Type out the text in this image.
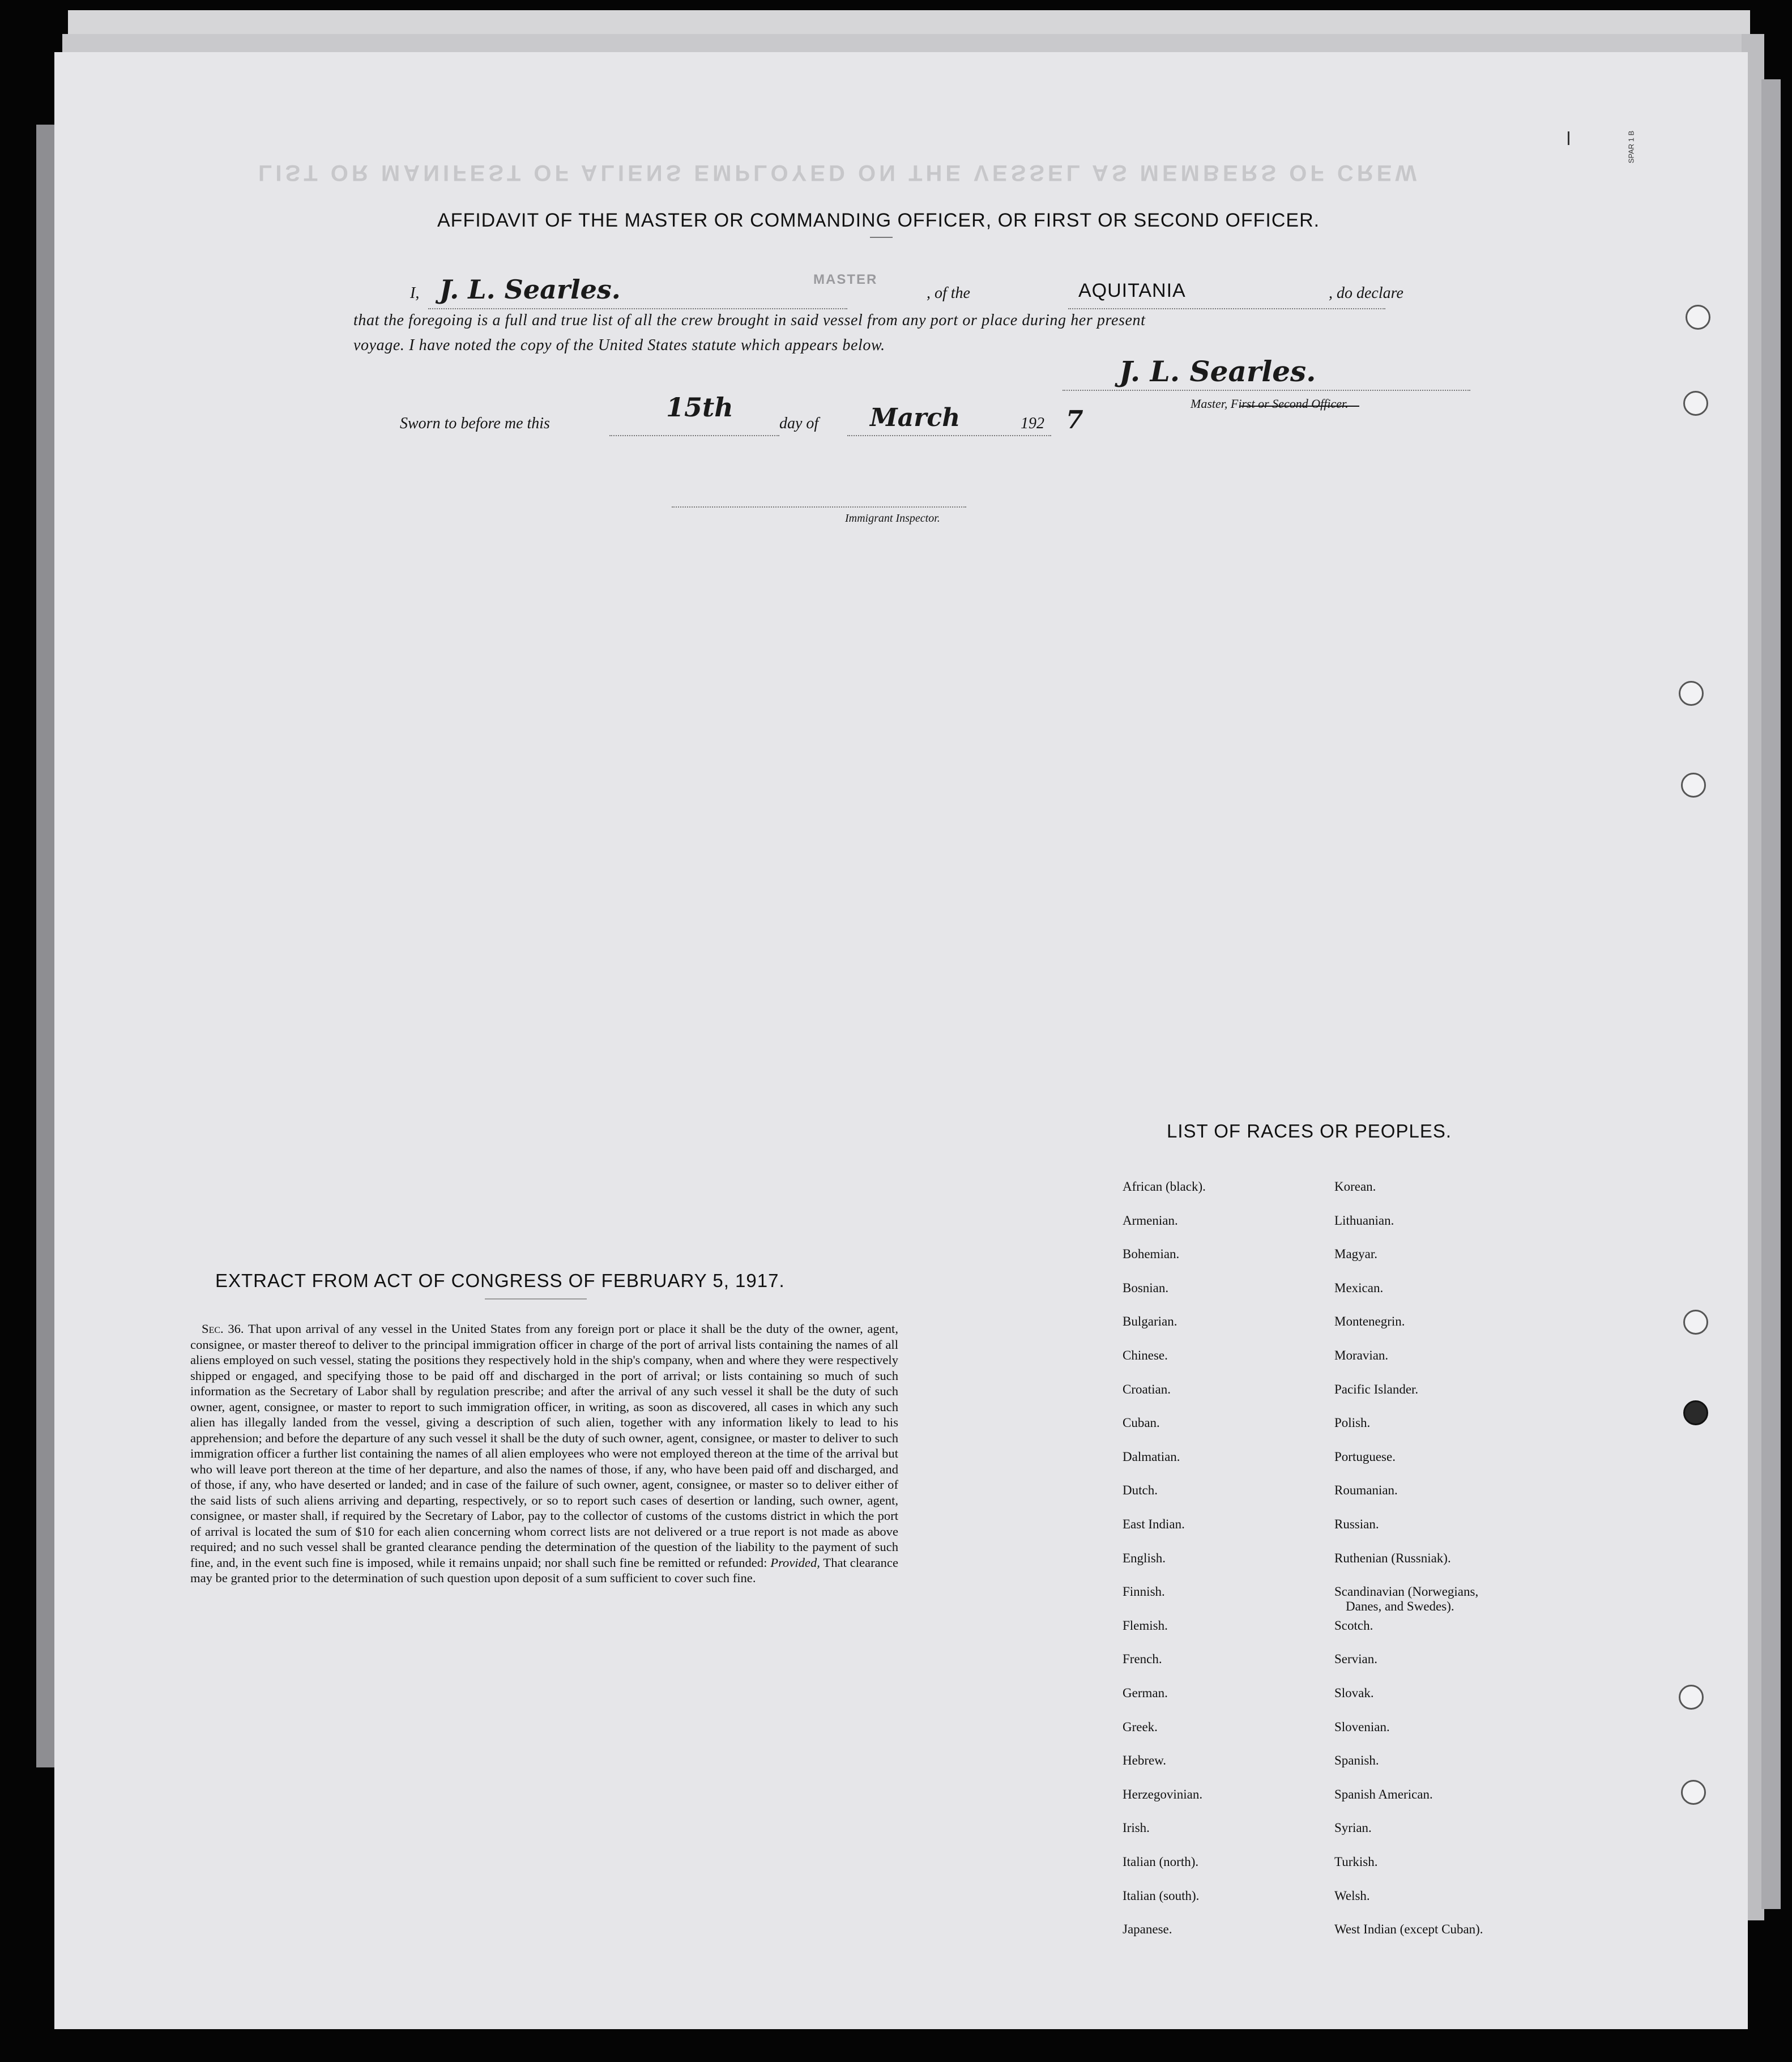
LIST OR MANIFEST OF ALIENS EMPLOYED ON THE VESSEL AS MEMBERS OF CREW
SPAR 1 B
AFFIDAVIT OF THE MASTER OR COMMANDING OFFICER, OR FIRST OR SECOND OFFICER.
I, J. L. Searles.	MASTER
, of the	AQUITANIA	, do declare
that the foregoing is a full and true list of all the crew brought in said vessel from any port or place during her present
voyage. I have noted the copy of the United States statute which appears below.
J. L. Searles.
Master, First or Second Officer.
Sworn to before me this
15th
day of March	192 7
Immigrant Inspector.
EXTRACT FROM ACT OF CONGRESS OF FEBRUARY 5, 1917.
Sec. 36. That upon arrival of any vessel in the United States from any foreign port or place it shall be the duty of the owner, agent, consignee, or master thereof to deliver to the principal immigration officer in charge of the port of arrival lists containing the names of all aliens employed on such vessel, stating the positions they respectively hold in the ship's company, when and where they were respectively shipped or engaged, and specifying those to be paid off and discharged in the port of arrival; or lists containing so much of such information as the Secretary of Labor shall by regulation prescribe; and after the arrival of any such vessel it shall be the duty of such owner, agent, consignee, or master to report to such immigration officer, in writing, as soon as discovered, all cases in which any such alien has illegally landed from the vessel, giving a description of such alien, together with any information likely to lead to his apprehension; and before the departure of any such vessel it shall be the duty of such owner, agent, consignee, or master to deliver to such immigration officer a further list containing the names of all alien employees who were not employed thereon at the time of the arrival but who will leave port thereon at the time of her departure, and also the names of those, if any, who have been paid off and discharged, and of those, if any, who have deserted or landed; and in case of the failure of such owner, agent, consignee, or master so to deliver either of the said lists of such aliens arriving and departing, respectively, or so to report such cases of desertion or landing, such owner, agent, consignee, or master shall, if required by the Secretary of Labor, pay to the collector of customs of the customs district in which the port of arrival is located the sum of $10 for each alien concerning whom correct lists are not delivered or a true report is not made as above required; and no such vessel shall be granted clearance pending the determination of the question of the liability to the payment of such fine, and, in the event such fine is imposed, while it remains unpaid; nor shall such fine be remitted or refunded: Provided, That clearance may be granted prior to the determination of such question upon deposit of a sum sufficient to cover such fine.
LIST OF RACES OR PEOPLES.
African (black).
Armenian.
Bohemian.
Bosnian.
Bulgarian.
Chinese.
Croatian.
Cuban.
Dalmatian.
Dutch.
East Indian.
English.
Finnish.
Flemish.
French.
German.
Greek.
Hebrew.
Herzegovinian.
Irish.
Italian (north).
Italian (south).
Japanese.
Korean.
Lithuanian.
Magyar.
Mexican.
Montenegrin.
Moravian.
Pacific Islander.
Polish.
Portuguese.
Roumanian.
Russian.
Ruthenian (Russniak).
Scandinavian (Norwegians,
Scotch.
Servian.
Slovak.
Slovenian.
Spanish.
Spanish American.
Syrian.
Turkish.
Welsh.
West Indian (except Cuban).
Danes, and Swedes).
